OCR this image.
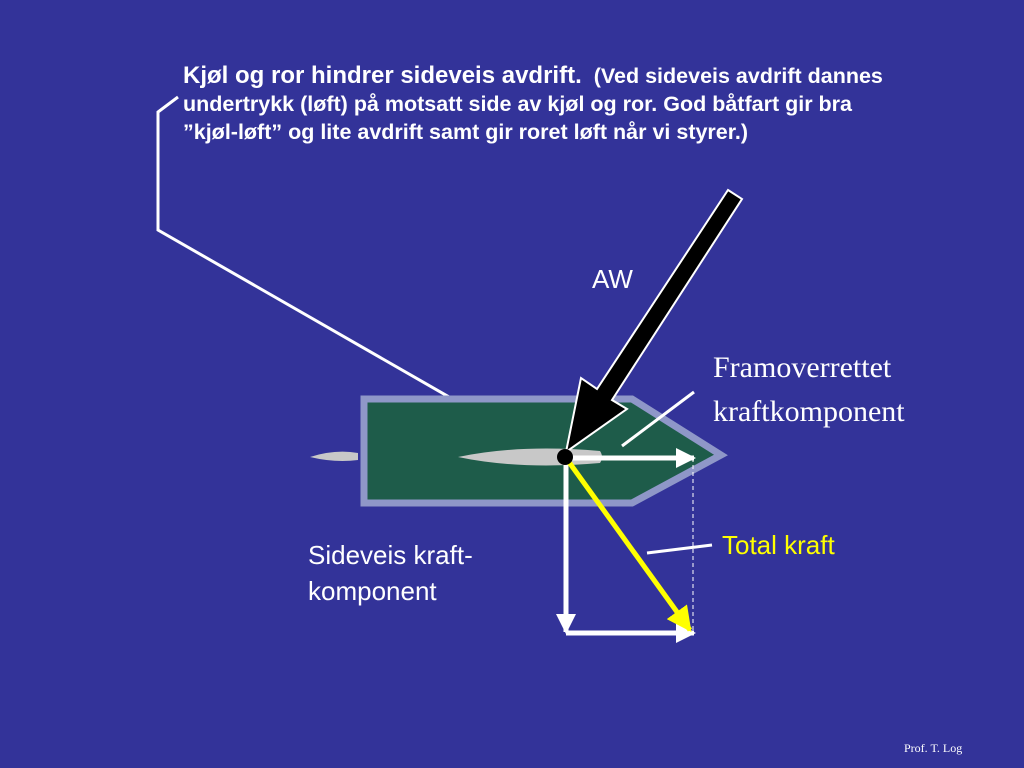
Kjøl og ror hindrer sideveis avdrift. (Ved sideveis avdrift dannes undertrykk (løft) på motsatt side av kjøl og ror. God båtfart gir bra ”kjøl-løft” og lite avdrift samt gir roret løft når vi styrer.)
AW
Framoverrettet
kraftkomponent
Sideveis kraft-
komponent
Total kraft
Prof. T. Log
